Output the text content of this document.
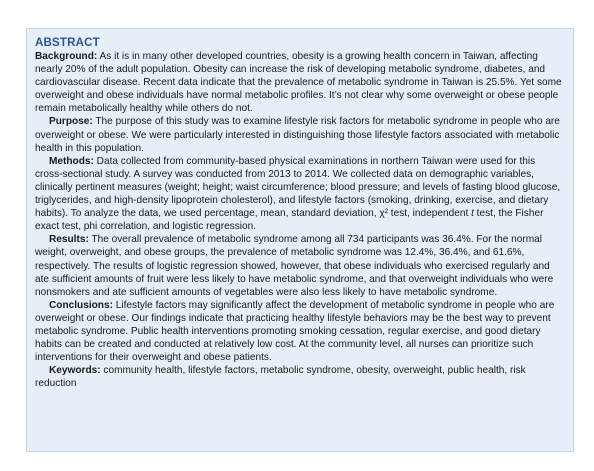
ABSTRACT

Background: As it is in many other developed countries, obesity is a growing health concern in Taiwan, affecting nearly 20% of the adult population. Obesity can increase the risk of developing metabolic syndrome, diabetes, and cardiovascular disease. Recent data indicate that the prevalence of metabolic syndrome in Taiwan is 25.5%. Yet some overweight and obese individuals have normal metabolic profiles. It’s not clear why some overweight or obese people remain metabolically healthy while others do not.

Purpose: The purpose of this study was to examine lifestyle risk factors for metabolic syndrome in people who are overweight or obese. We were particularly interested in distinguishing those lifestyle factors associated with metabolic health in this population.

Methods: Data collected from community-based physical examinations in northern Taiwan were used for this cross-sectional study. A survey was conducted from 2013 to 2014. We collected data on demographic variables, clinically pertinent measures (weight; height; waist circumference; blood pressure; and levels of fasting blood glucose, triglycerides, and high-density lipoprotein cholesterol), and lifestyle factors (smoking, drinking, exercise, and dietary habits). To analyze the data, we used percentage, mean, standard deviation, χ² test, independent t test, the Fisher exact test, phi correlation, and logistic regression.

Results: The overall prevalence of metabolic syndrome among all 734 participants was 36.4%. For the normal weight, overweight, and obese groups, the prevalence of metabolic syndrome was 12.4%, 36.4%, and 61.6%, respectively. The results of logistic regression showed, however, that obese individuals who exercised regularly and ate sufficient amounts of fruit were less likely to have metabolic syndrome, and that overweight individuals who were nonsmokers and ate sufficient amounts of vegetables were also less likely to have metabolic syndrome.

Conclusions: Lifestyle factors may significantly affect the development of metabolic syndrome in people who are overweight or obese. Our findings indicate that practicing healthy lifestyle behaviors may be the best way to prevent metabolic syndrome. Public health interventions promoting smoking cessation, regular exercise, and good dietary habits can be created and conducted at relatively low cost. At the community level, all nurses can prioritize such interventions for their overweight and obese patients.

Keywords: community health, lifestyle factors, metabolic syndrome, obesity, overweight, public health, risk reduction
